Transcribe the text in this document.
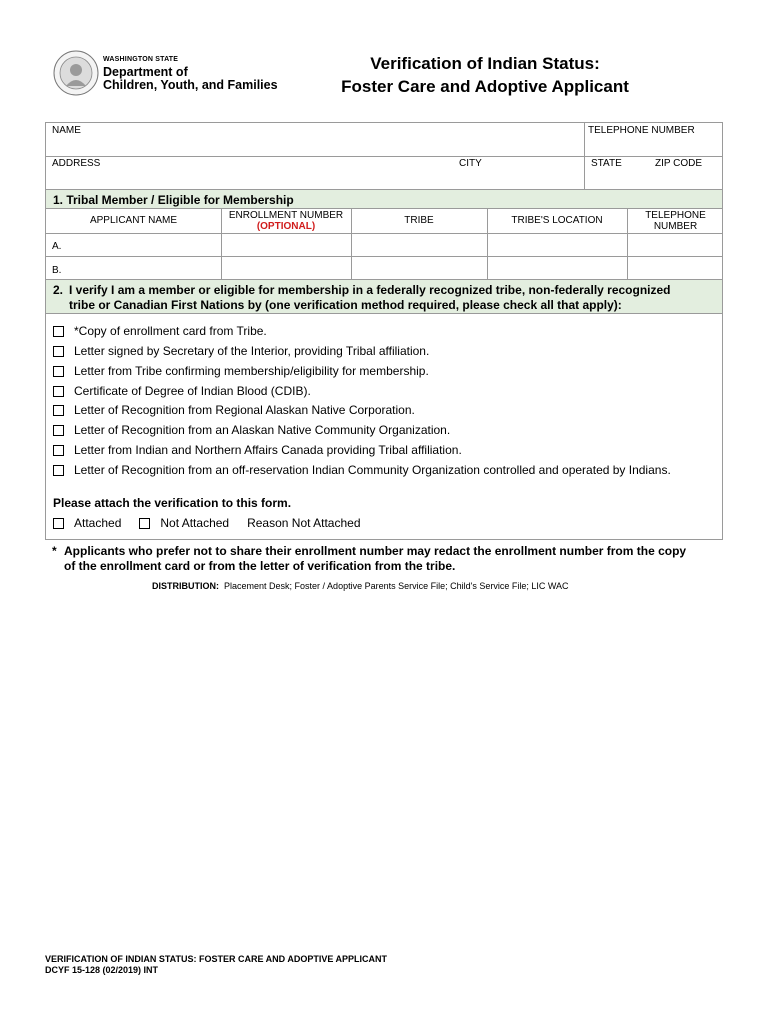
WASHINGTON STATE
Department of
Children, Youth, and Families
Verification of Indian Status:
Foster Care and Adoptive Applicant
NAME	TELEPHONE NUMBER
ADDRESS	CITY	STATE	ZIP CODE
1. Tribal Member / Eligible for Membership
APPLICANT NAME	ENROLLMENT NUMBER
(OPTIONAL)
TRIBE	TRIBE'S LOCATION	TELEPHONE
NUMBER
A.
B.
2. I verify I am a member or eligible for membership in a federally recognized tribe, non-federally recognized
tribe or Canadian First Nations by (one verification method required, please check all that apply):
*Copy of enrollment card from Tribe.
Letter signed by Secretary of the Interior, providing Tribal affiliation.
Letter from Tribe confirming membership/eligibility for membership.
Certificate of Degree of Indian Blood (CDIB).
Letter of Recognition from Regional Alaskan Native Corporation.
Letter of Recognition from an Alaskan Native Community Organization.
Letter from Indian and Northern Affairs Canada providing Tribal affiliation.
Letter of Recognition from an off-reservation Indian Community Organization controlled and operated by Indians.
Please attach the verification to this form.
Attached	Not Attached Reason Not Attached
* Applicants who prefer not to share their enrollment number may redact the enrollment number from the copy
of the enrollment card or from the letter of verification from the tribe.
DISTRIBUTION: Placement Desk; Foster / Adoptive Parents Service File; Child's Service File; LIC WAC
VERIFICATION OF INDIAN STATUS: FOSTER CARE AND ADOPTIVE APPLICANT
DCYF 15-128 (02/2019) INT
